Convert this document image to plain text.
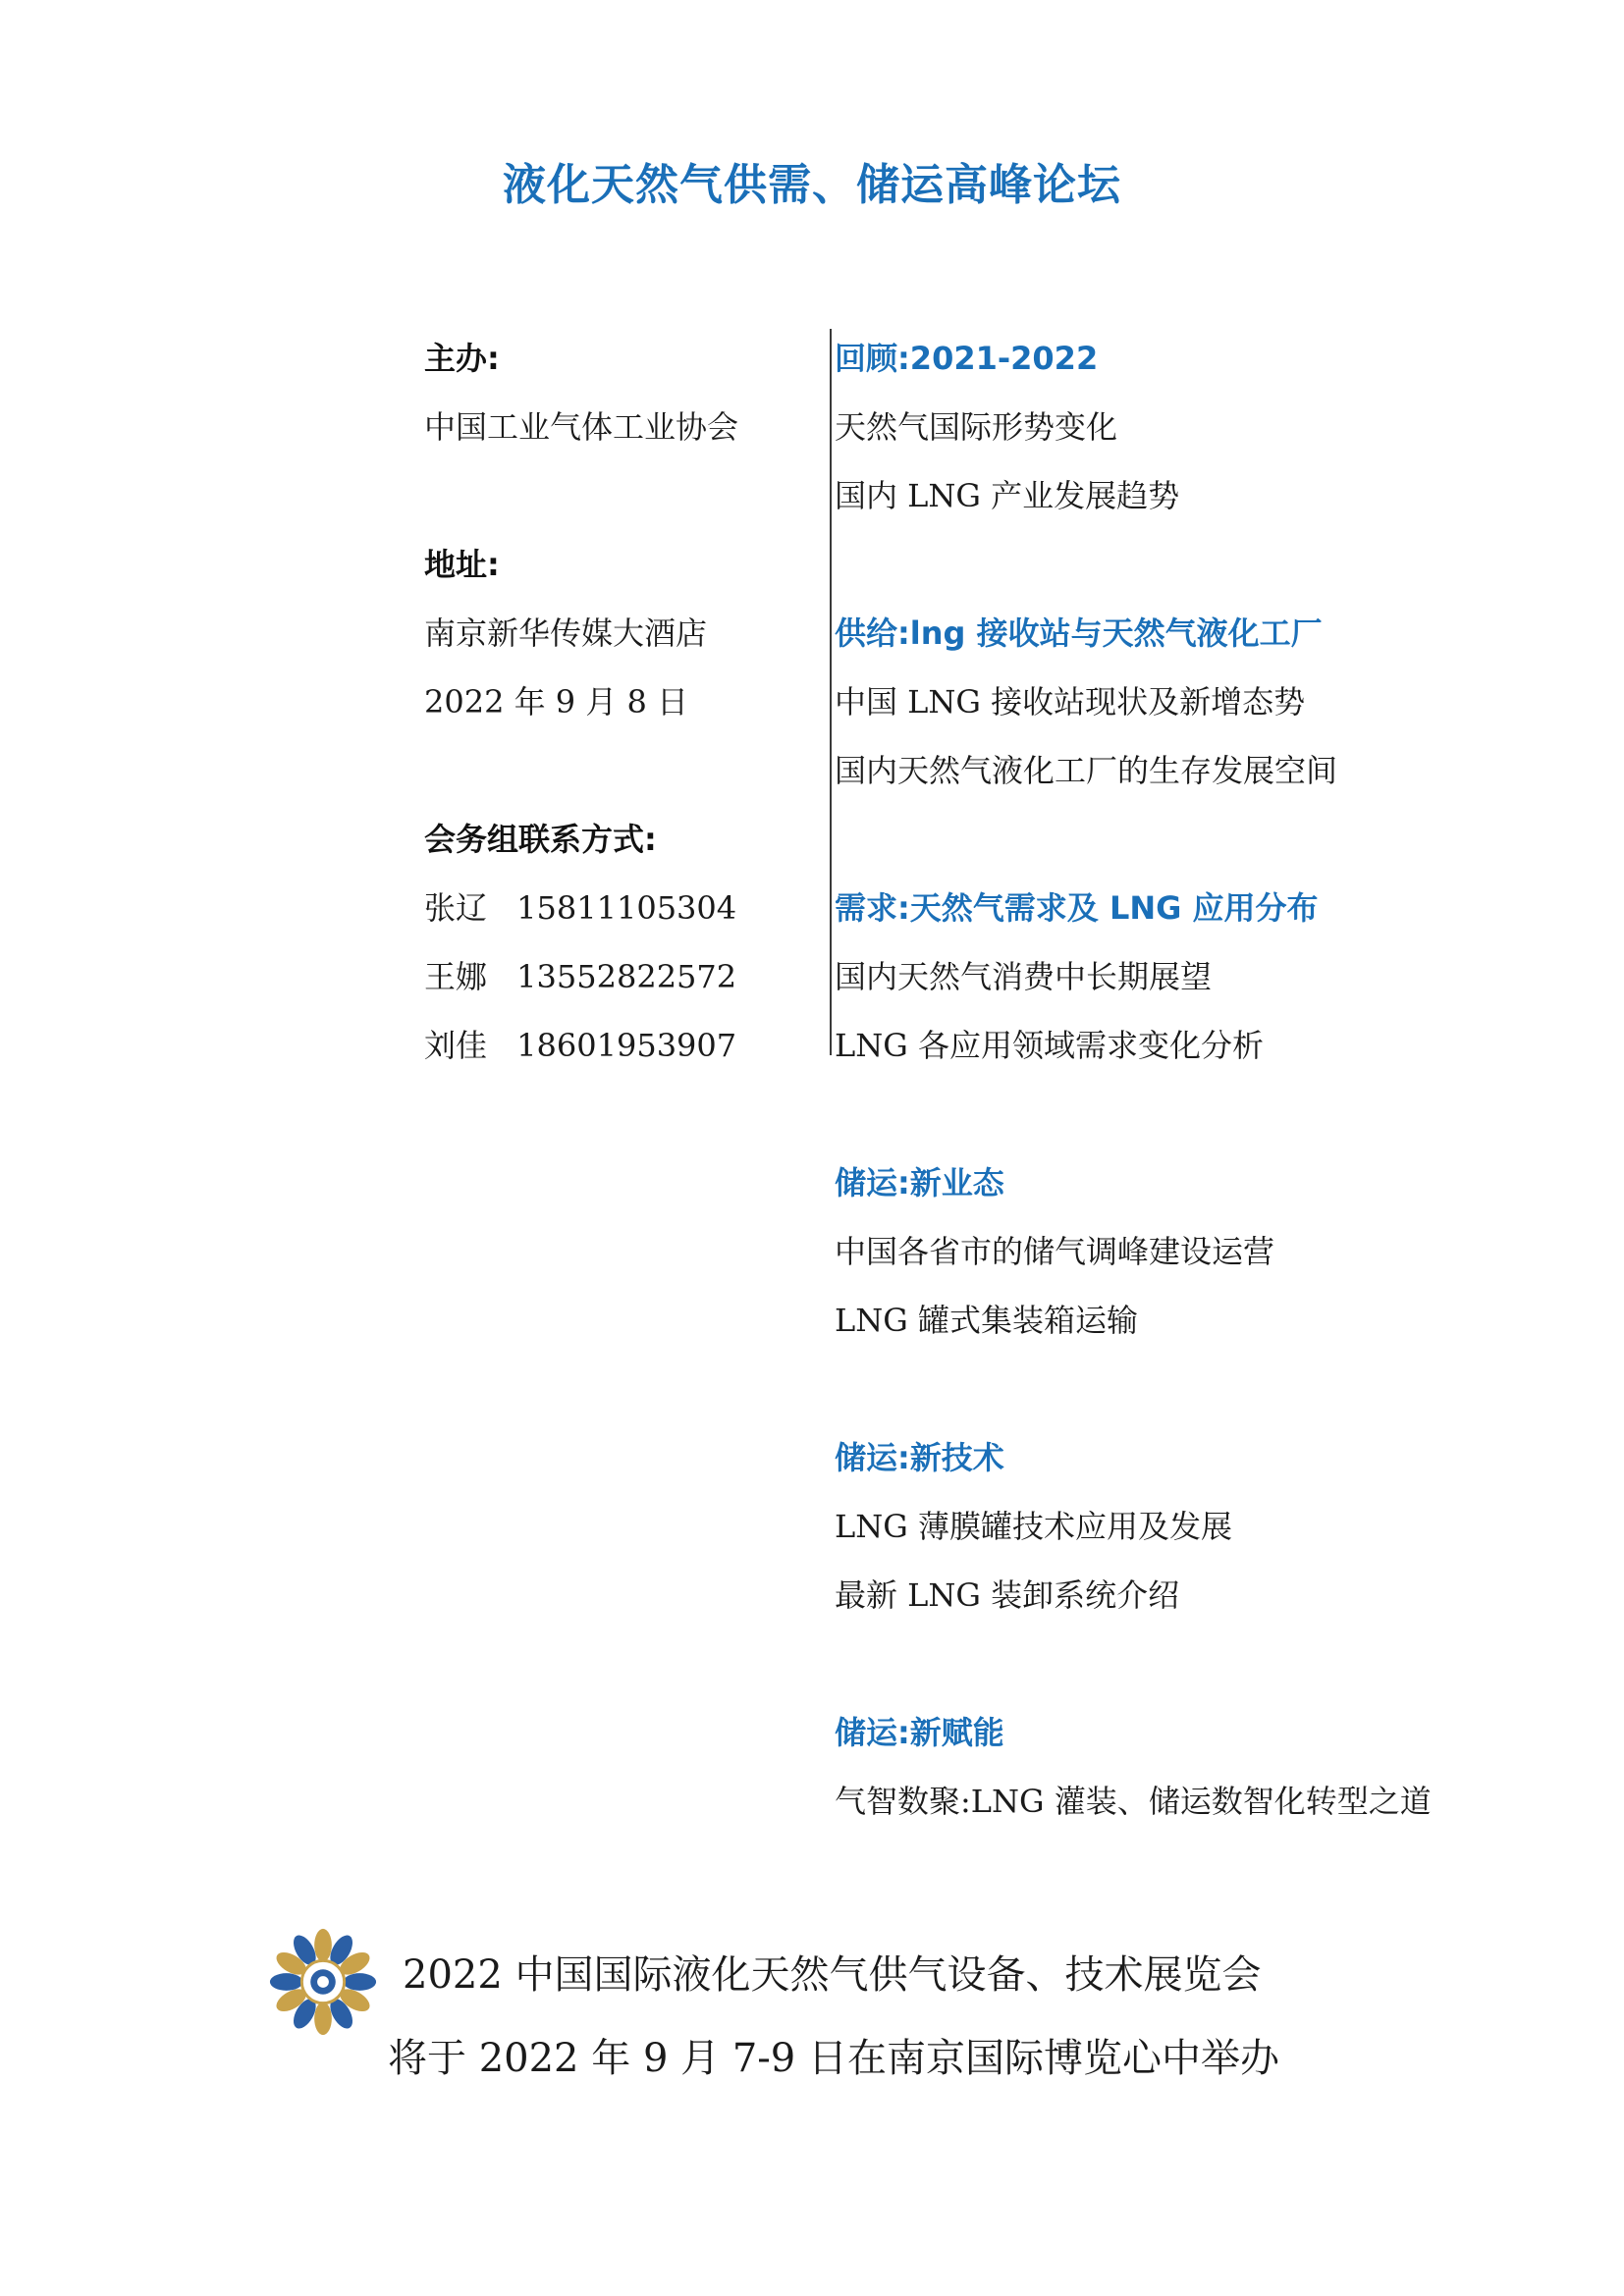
液化天然气供需、储运高峰论坛
主办:
中国工业气体工业协会
地址:
南京新华传媒大酒店
2022 年 9 月 8 日
会务组联系方式:
张辽 15811105304
王娜 13552822572
刘佳 18601953907
回顾:2021-2022
天然气国际形势变化
国内 LNG 产业发展趋势
供给:lng 接收站与天然气液化工厂
中国 LNG 接收站现状及新增态势
国内天然气液化工厂的生存发展空间
需求:天然气需求及 LNG 应用分布
国内天然气消费中长期展望
LNG 各应用领域需求变化分析
储运:新业态
中国各省市的储气调峰建设运营
LNG 罐式集装箱运输
储运:新技术
LNG 薄膜罐技术应用及发展
最新 LNG 装卸系统介绍
储运:新赋能
气智数聚:LNG 灌装、储运数智化转型之道
2022 中国国际液化天然气供气设备、技术展览会
将于 2022 年 9 月 7-9 日在南京国际博览心中举办
